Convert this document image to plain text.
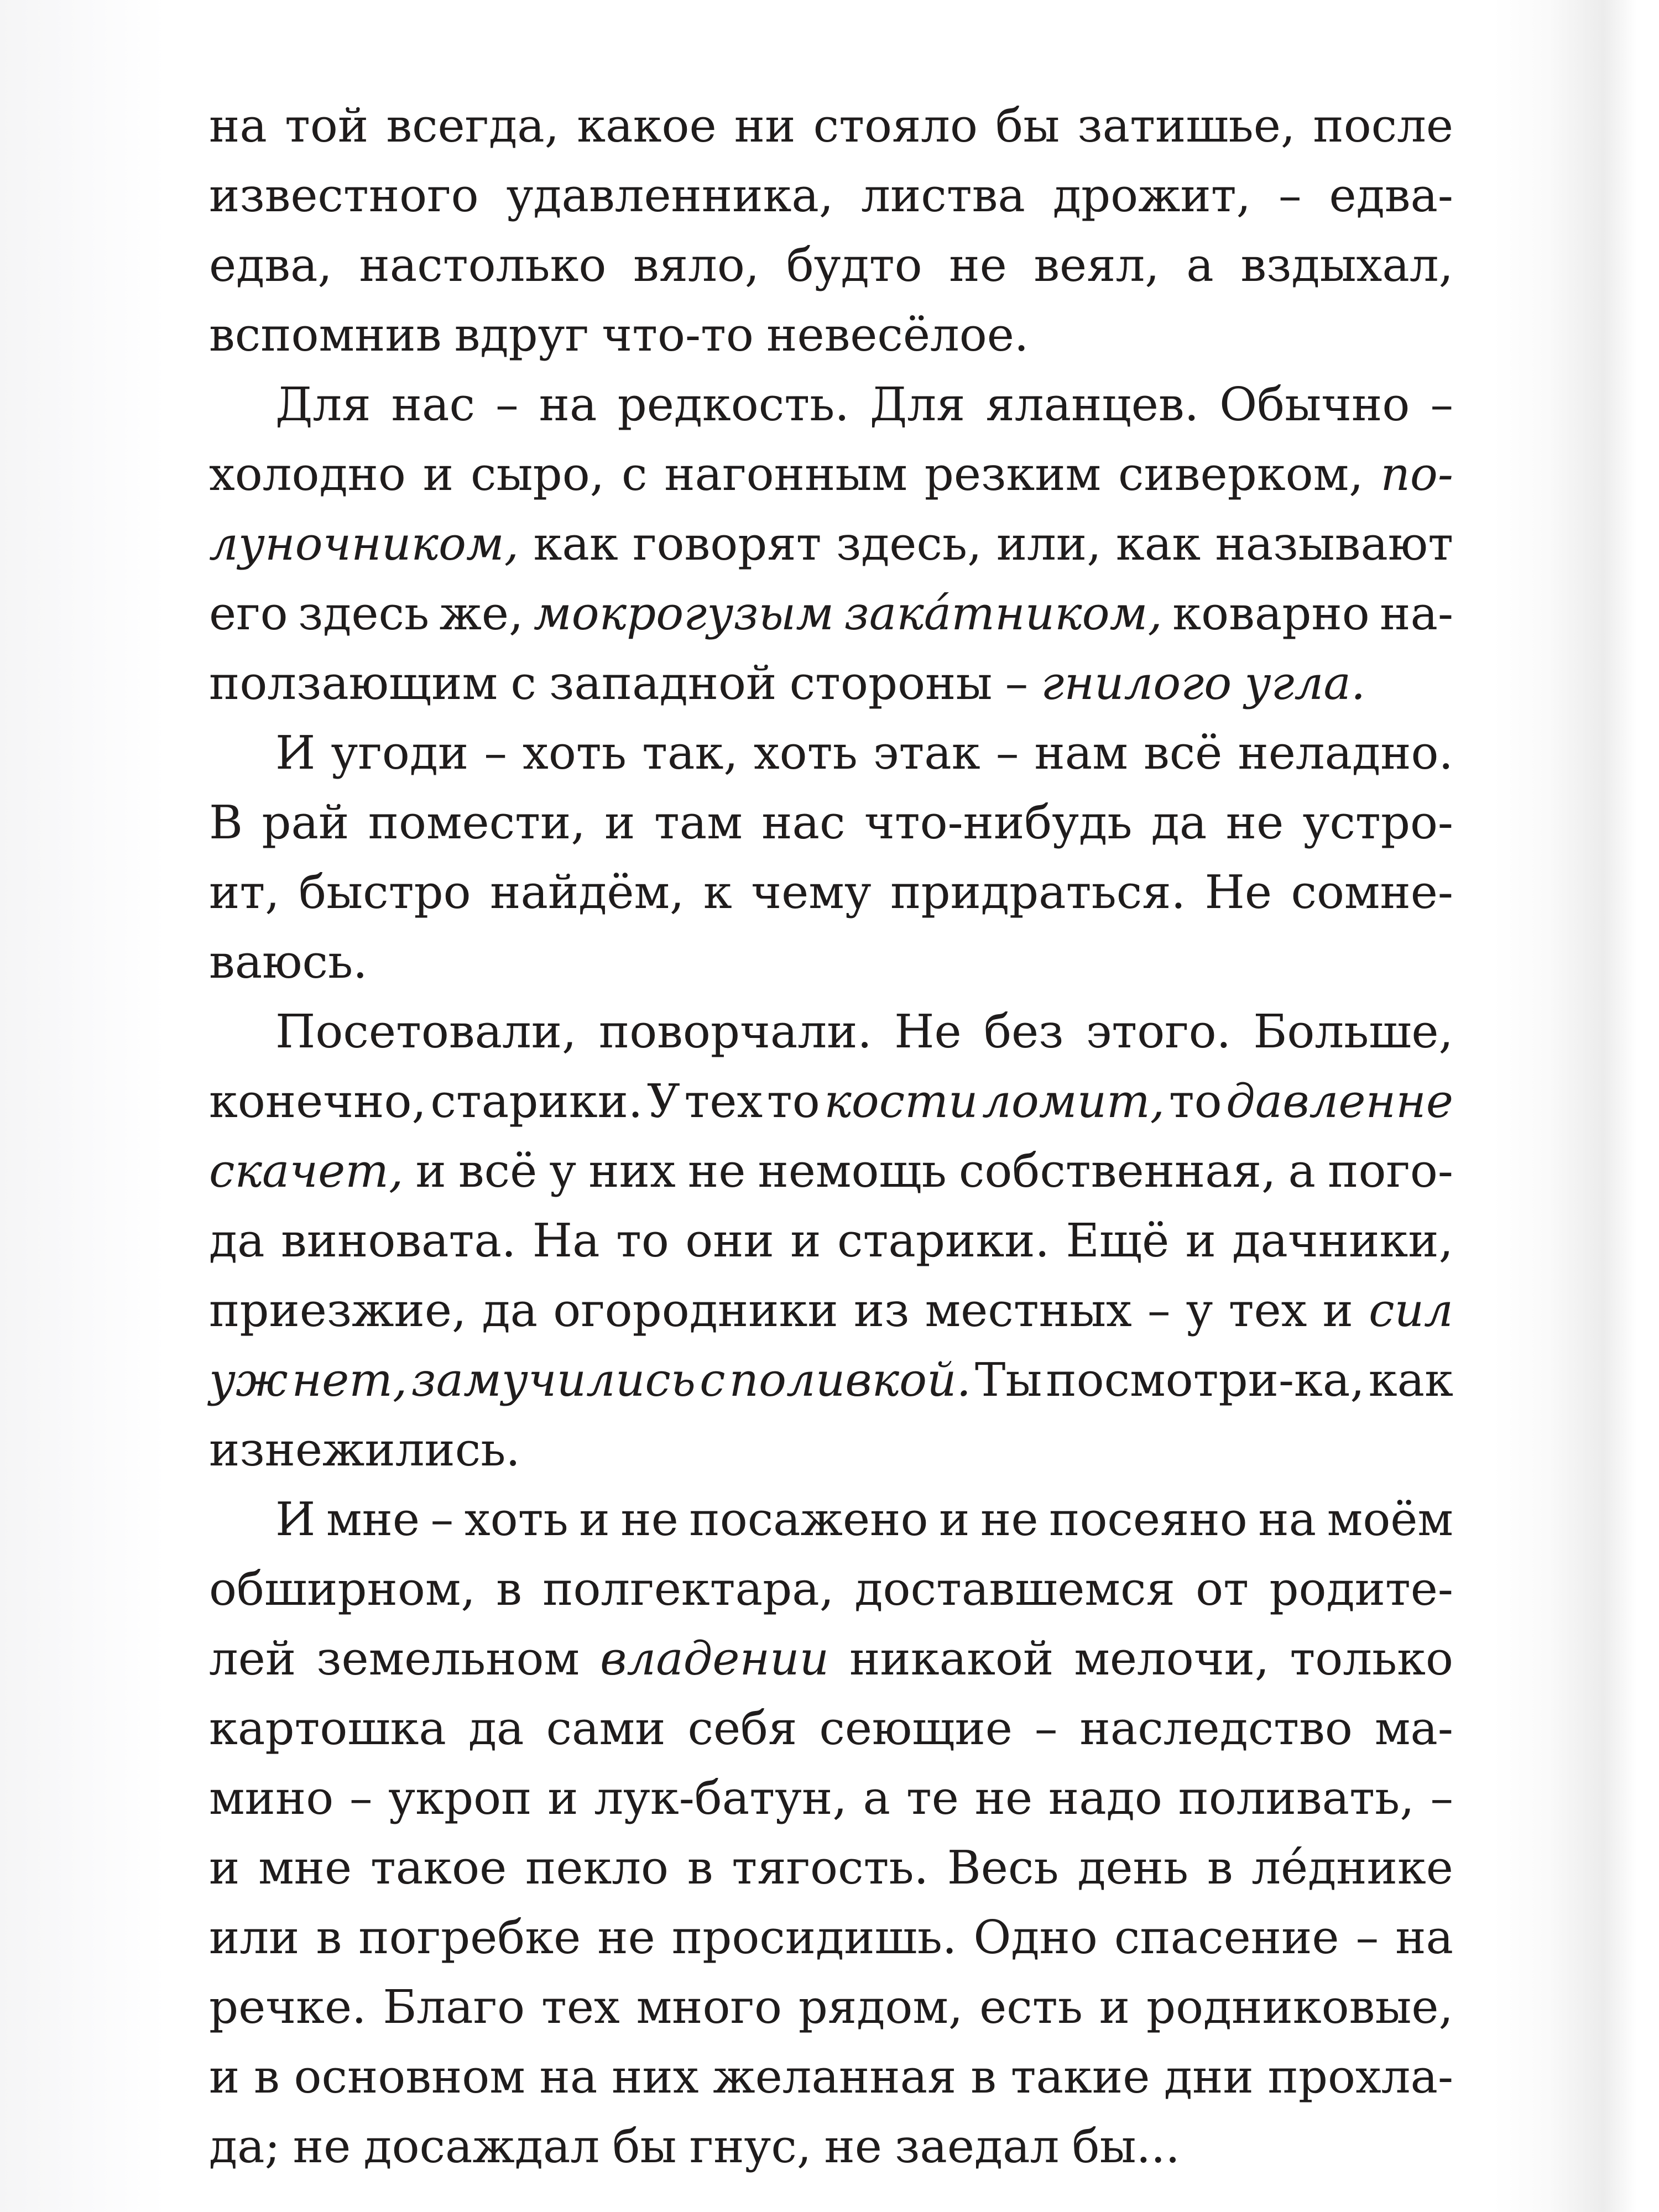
на той всегда, какое ни стояло бы затишье, после
известного удавленника, листва дрожит, – едва-
едва, настолько вяло, будто не веял, а вздыхал,
вспомнив вдруг что-то невесёлое.
Для нас – на редкость. Для яланцев. Обычно –
холодно и сыро, с нагонным резким сиверком, по-
луночником, как говорят здесь, или, как называют
его здесь же, мокрогузым закáтником, коварно на-
ползающим с западной стороны – гнилого угла.
И угоди – хоть так, хоть этак – нам всё неладно.
В рай помести, и там нас что-нибудь да не устро-
ит, быстро найдём, к чему придраться. Не сомне-
ваюсь.
Посетовали, поворчали. Не без этого. Больше,
конечно, старики. У тех то кости ломит, то давленне
скачет, и всё у них не немощь собственная, а пого-
да виновата. На то они и старики. Ещё и дачники,
приезжие, да огородники из местных – у тех и сил
уж нет, замучились с поливкой. Ты посмотри-ка, как
изнежились.
И мне – хоть и не посажено и не посеяно на моём
обширном, в полгектара, доставшемся от родите-
лей земельном владении никакой мелочи, только
картошка да сами себя сеющие – наследство ма-
мино – укроп и лук-батун, а те не надо поливать, –
и мне такое пекло в тягость. Весь день в лéднике
или в погребке не просидишь. Одно спасение – на
речке. Благо тех много рядом, есть и родниковые,
и в основном на них желанная в такие дни прохла-
да; не досаждал бы гнус, не заедал бы...
